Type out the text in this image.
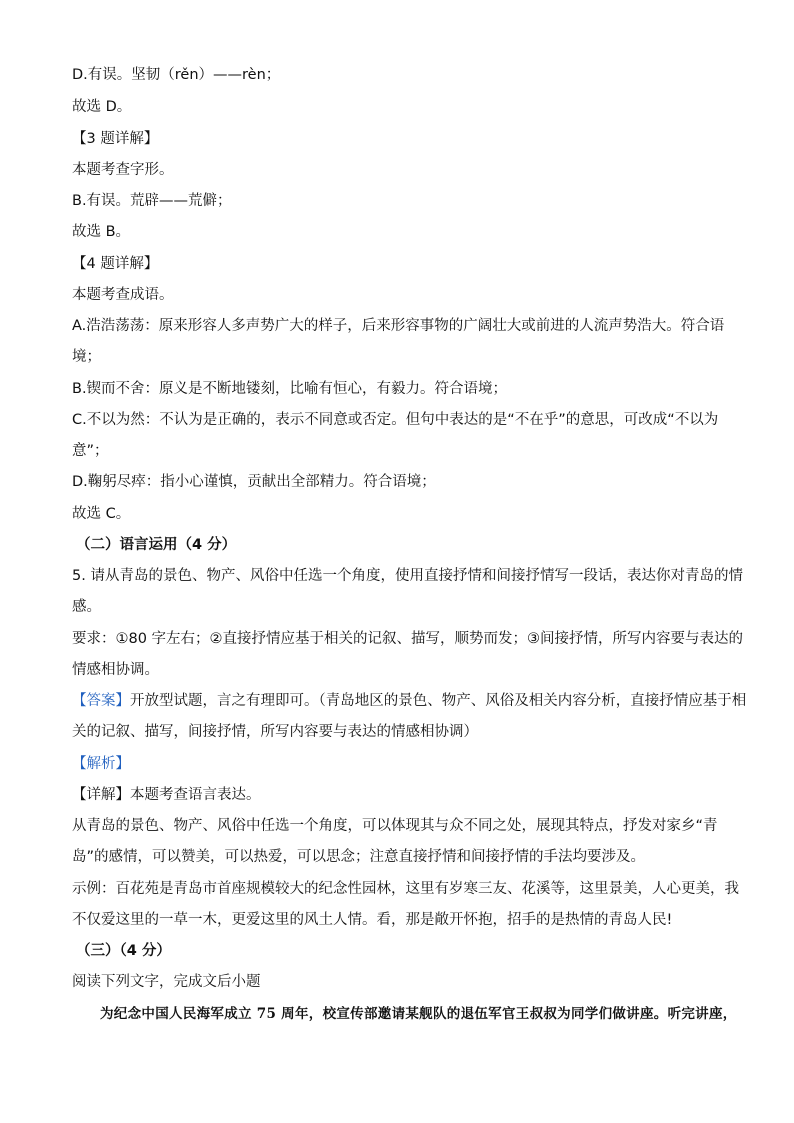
D.有误。坚韧（rěn）——rèn；
故选 D。
【3 题详解】
本题考查字形。
B.有误。荒辟——荒僻；
故选 B。
【4 题详解】
本题考查成语。
A.浩浩荡荡：原来形容人多声势广大的样子，后来形容事物的广阔壮大或前进的人流声势浩大。符合语
境；
B.锲而不舍：原义是不断地镂刻，比喻有恒心，有毅力。符合语境；
C.不以为然：不认为是正确的，表示不同意或否定。但句中表达的是“不在乎”的意思，可改成“不以为
意”；
D.鞠躬尽瘁：指小心谨慎，贡献出全部精力。符合语境；
故选 C。
（二）语言运用（4 分）
5. 请从青岛的景色、物产、风俗中任选一个角度，使用直接抒情和间接抒情写一段话，表达你对青岛的情
感。
要求：①80 字左右；②直接抒情应基于相关的记叙、描写，顺势而发；③间接抒情，所写内容要与表达的
情感相协调。
【答案】开放型试题，言之有理即可。（青岛地区的景色、物产、风俗及相关内容分析，直接抒情应基于相
关的记叙、描写，间接抒情，所写内容要与表达的情感相协调）
【解析】
【详解】本题考查语言表达。
从青岛的景色、物产、风俗中任选一个角度，可以体现其与众不同之处，展现其特点，抒发对家乡“青
岛”的感情，可以赞美，可以热爱，可以思念；注意直接抒情和间接抒情的手法均要涉及。
示例：百花苑是青岛市首座规模较大的纪念性园林，这里有岁寒三友、花溪等，这里景美，人心更美，我
不仅爱这里的一草一木，更爱这里的风土人情。看，那是敞开怀抱，招手的是热情的青岛人民!
（三）（4 分）
阅读下列文字，完成文后小题
为纪念中国人民海军成立 75 周年，校宣传部邀请某舰队的退伍军官王叔叔为同学们做讲座。听完讲座，
